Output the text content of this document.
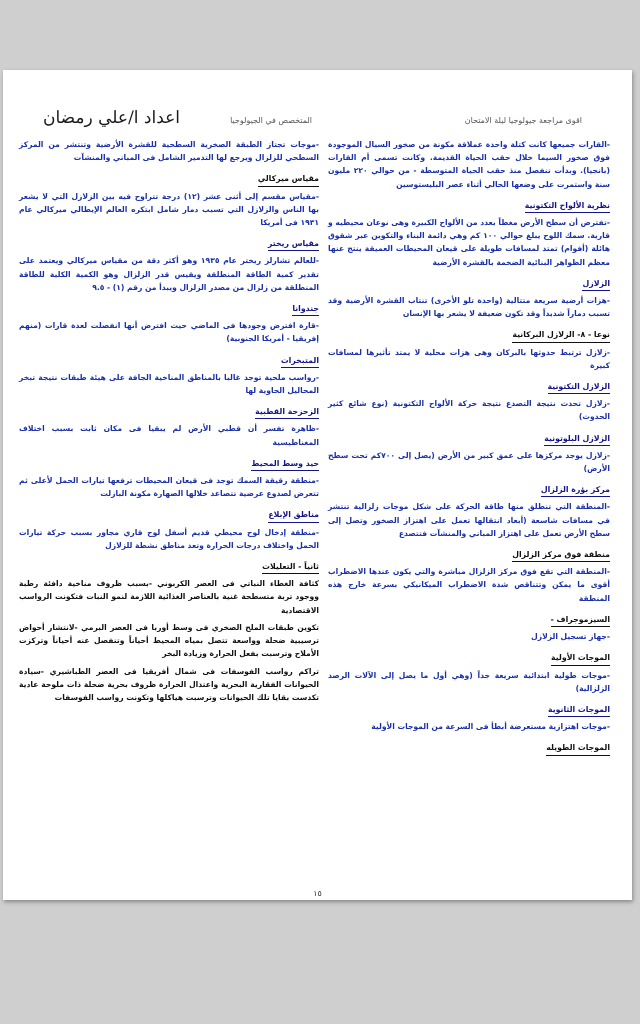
اقوى مراجعة جيولوجيا ليلة الامتحان
المتخصص في الجيولوجيا
اعداد ا/علي رمضان

-القارات جميعها كانت كتلة واحدة عملاقة مكونة من صخور السيال الموجودة فوق صخور السيما خلال حقب الحياة القديمة. وكانت تسمى أم القارات (بانجيا). وبدأت تنفصل منذ حقب الحياة المتوسطة - من حوالي ٢٢٠ مليون سنة واستمرت على وضعها الحالي أثناء عصر البليستوسين

نظرية الألواح التكتونية

-تفترض أن سطح الأرض مغطاً بعدد من الألواح الكبيرة وهى نوعان محيطيه و قارية. سمك اللوح يبلغ حوالي ١٠٠ كم وهي دائمة البناء والتكوين عبر شقوق هائلة (أفوام) تمتد لمسافات طويلة على قيعان المحيطات العميقة ينتج عنها معظم الظواهر البنائية الضخمة بالقشرة الأرضية

الزلازل

-هزات أرضية سريعة متتالية (واحدة تلو الأخرى) تنتاب القشرة الأرضية وقد تسبب دماراً شديداً وقد تكون ضعيفة لا يشعر بها الإنسان

نوعا - ٨- الزلازل البركانية

-زلازل ترتبط حدوثها بالبركان وهى هزات محلية لا يمتد تأثيرها لمسافات كبيرة

الزلازل التكتونية

-زلازل تحدث نتيجة التصدع نتيجة حركة الألواح التكتونية (نوع شائع كثير الحدوث)

الزلازل البلوتونية

-زلازل يوجد مركزها على عمق كبير من الأرض (يصل إلى ٧٠٠كم تحت سطح الأرض)

مركز بؤرة الزلزال

-المنطقة التي تنطلق منها طاقة الحركة على شكل موجات زلزالية تنتشر في مسافات شاسعة (أبعاد انتقالها تعمل على اهتزاز الصخور وتصل إلى سطح الأرض تعمل على اهتزاز المباني والمنشآت فتتصدع

منطقة فوق مركز الزلزال

-المنطقة التي تقع فوق مركز الزلزال مباشرة والتي يكون عندها الاضطراب أقوى ما يمكن وتتناقص شدة الاضطراب الميكانيكي بسرعة خارج هذه المنطقة

السيزموجراف -

-جهاز تسجيل الزلازل

الموجات الأولية

-موجات طولية ابتدائية سريعة جداً (وهي أول ما يصل إلى الآلات الرصد الزلزالية)

الموجات الثانوية

-موجات اهتزازية مستعرضة أبطأ فى السرعة من الموجات الأولية

الموجات الطويله

-موجات تجتاز الطبقة الصخرية السطحية للقشرة الأرضية وتنتشر من المركز السطحي للزلزال ويرجع لها التدمير الشامل فى المباني والمنشآت

مقياس ميركالي

-مقياس مقسم إلى أثنى عشر (١٢) درجة تتراوح فيه بين الزلازل التي لا يشعر بها الناس والزلازل التي تسبب دمار شامل ابتكره العالم الإيطالي ميركالي عام ١٩٣١ فى أمريكا

مقياس ريختر

-للعالم تشارلز ريختر عام ١٩٣٥ وهو أكثر دقة من مقياس ميركالي ويعتمد على تقدير كمية الطاقة المنطلقة ويقيس قدر الزلزال وهو الكمية الكلية للطاقة المنطلقة من زلزال من مصدر الزلزال ويبدأ من رقم (١) - ٩.٥

جندوانا

-قارة افترض وجودها فى الماضي حيث افترض أنها انفصلت لعدة قارات (منهم إفريقيا - أمريكا الجنوبية)

المتبخرات

-رواسب ملحية توجد غالبا بالمناطق المناخية الجافة على هيئة طبقات نتيجة تبخر المحاليل الحاوية لها

الزحزحة القطبية

-ظاهرة تفسر أن قطبي الأرض لم يبقيا فى مكان ثابت بسبب اختلاف المغناطيسية

حيد وسط المحيط

-منطقة رقيقة السمك توجد فى قيعان المحيطات ترفعها تيارات الحمل لأعلى ثم تتعرض لصدوع عرضية تتصاعد خلالها الصهارة مكونة البازلت

مناطق الإبلاع

-منطقة إدخال لوح محيطي قديم أسفل لوح قاري مجاور بسبب حركة تيارات الحمل واختلاف درجات الحرارة وتعد مناطق نشطة للزلازل

ثانياً - التعليلات

كثافة الغطاء النباتي فى العصر الكربوني -بسبب ظروف مناخية دافئة رطبة ووجود تربة متسطحة غنية بالعناصر الغذائية اللازمة لنمو النبات فتكونت الرواسب الاقتصادية

تكوين طبقات الملح الصخري فى وسط أوربا فى العصر البرمي -لانتشار أحواض ترسيبية ضحلة وواسعة تتصل بمياه المحيط أحياناً وتنفصل عنه أحياناً وتركزت الأملاح وترسبت بفعل الحرارة وزيادة البخر

تراكم رواسب الفوسفات فى شمال أفريقيا فى العصر الطباشيري -سيادة الحيوانات الفقارية البحرية واعتدال الحرارة ظروف بحرية ضحلة ذات ملوحة عادية تكدست بقايا تلك الحيوانات وترسبت هياكلها وتكونت رواسب الفوسفات

١٥
